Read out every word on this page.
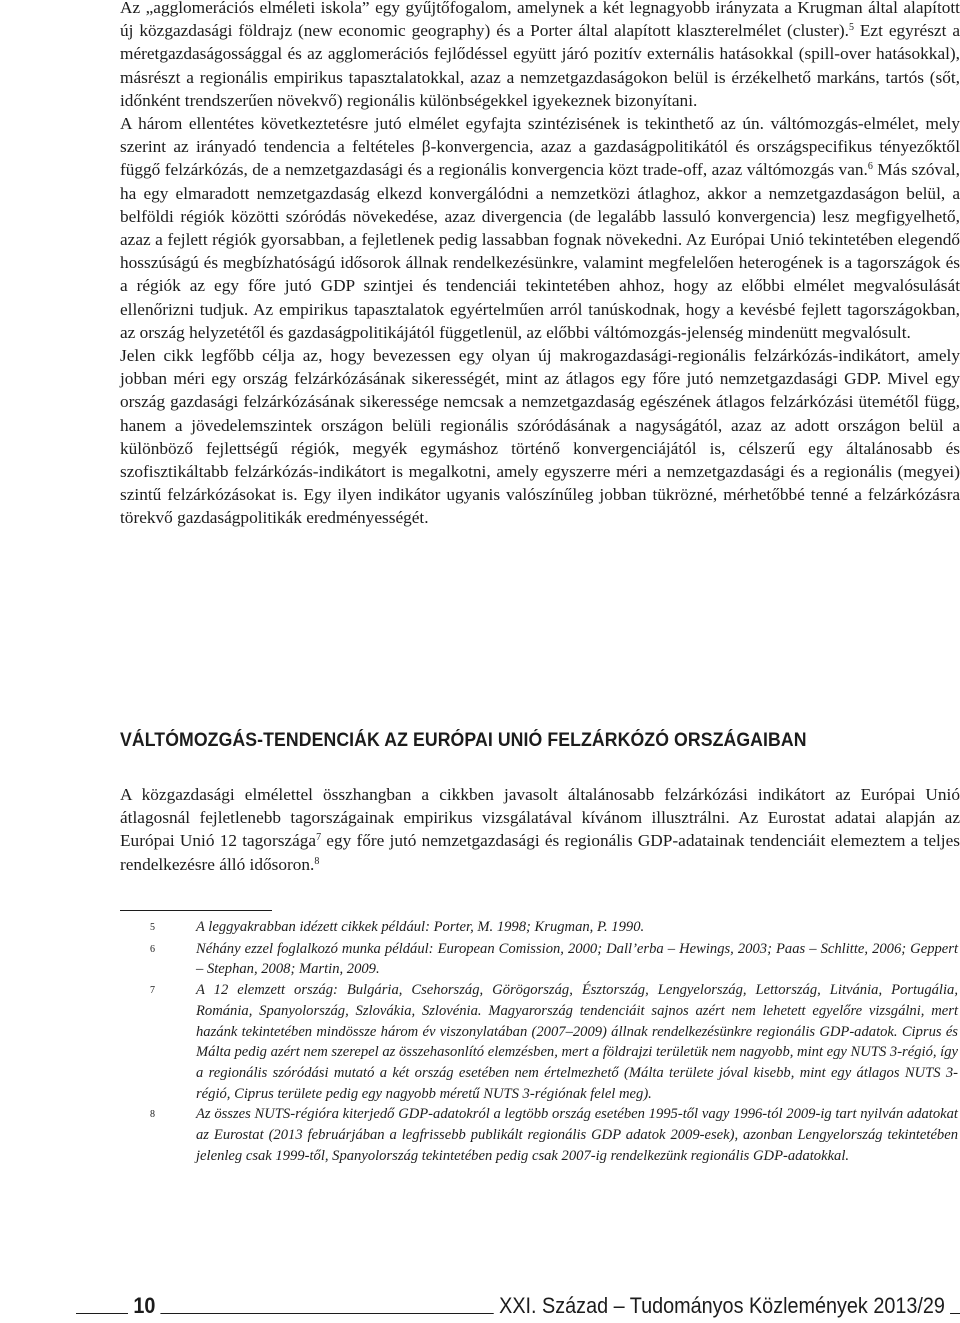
Az „agglomerációs elméleti iskola” egy gyűjtőfogalom, amelynek a két legnagyobb irányzata a Krugman által alapított új közgazdasági földrajz (new economic geography) és a Porter által alapított klaszterelmélet (cluster).$^5$ Ezt egyrészt a méretgazdaságossággal és az agglomerációs fejlődéssel együtt járó pozitív externális hatásokkal (spill-over hatásokkal), másrészt a regionális empirikus tapasztalatokkal, azaz a nemzetgazdaságokon belül is érzékelhető markáns, tartós (sőt, időnként trendszerűen növekvő) regionális különbségekkel igyekeznek bizonyítani.

A három ellentétes következtetésre jutó elmélet egyfajta szintézisének is tekinthető az ún. váltómozgás-elmélet, mely szerint az irányadó tendencia a feltételes β-konvergencia, azaz a gazdaságpolitikától és országspecifikus tényezőktől függő felzárkózás, de a nemzetgazdasági és a regionális konvergencia közt trade-off, azaz váltómozgás van.$^6$ Más szóval, ha egy elmaradott nemzetgazdaság elkezd konvergálódni a nemzetközi átlaghoz, akkor a nemzetgazdaságon belül, a belföldi régiók közötti szóródás növekedése, azaz divergencia (de legalább lassuló konvergencia) lesz megfigyelhető, azaz a fejlett régiók gyorsabban, a fejletlenek pedig lassabban fognak növekedni. Az Európai Unió tekintetében elegendő hosszúságú és megbízhatóságú idősorok állnak rendelkezésünkre, valamint megfelelően heterogének is a tagországok és a régiók az egy főre jutó GDP szintjei és tendenciái tekintetében ahhoz, hogy az előbbi elmélet megvalósulását ellenőrizni tudjuk. Az empirikus tapasztalatok egyértelműen arról tanúskodnak, hogy a kevésbé fejlett tagországokban, az ország helyzetétől és gazdaságpolitikájától függetlenül, az előbbi váltómozgás-jelenség mindenütt megvalósult.

Jelen cikk legfőbb célja az, hogy bevezessen egy olyan új makrogazdasági-regionális felzárkózás-indikátort, amely jobban méri egy ország felzárkózásának sikerességét, mint az átlagos egy főre jutó nemzetgazdasági GDP. Mivel egy ország gazdasági felzárkózásának sikeressége nemcsak a nemzetgazdaság egészének átlagos felzárkózási ütemétől függ, hanem a jövedelemszintek országon belüli regionális szóródásának a nagyságától, azaz az adott országon belül a különböző fejlettségű régiók, megyék egymáshoz történő konvergenciájától is, célszerű egy általánosabb és szofisztikáltabb felzárkózás-indikátort is megalkotni, amely egyszerre méri a nemzetgazdasági és a regionális (megyei) szintű felzárkózásokat is. Egy ilyen indikátor ugyanis valószínűleg jobban tükrözné, mérhetőbbé tenné a felzárkózásra törekvő gazdaságpolitikák eredményességét.

VÁLTÓMOZGÁS-TENDENCIÁK AZ EURÓPAI UNIÓ FELZÁRKÓZÓ ORSZÁGAIBAN

A közgazdasági elmélettel összhangban a cikkben javasolt általánosabb felzárkózási indikátort az Európai Unió átlagosnál fejletlenebb tagországainak empirikus vizsgálatával kívánom illusztrálni. Az Eurostat adatai alapján az Európai Unió 12 tagországa$^7$ egy főre jutó nemzetgazdasági és regionális GDP-adatainak tendenciáit elemeztem a teljes rendelkezésre álló idősoron.$^8$

5	A leggyakrabban idézett cikkek például: Porter, M. 1998; Krugman, P. 1990.
6	Néhány ezzel foglalkozó munka például: European Comission, 2000; Dall’erba – Hewings, 2003; Paas – Schlitte, 2006; Geppert – Stephan, 2008; Martin, 2009.
7	A 12 elemzett ország: Bulgária, Csehország, Görögország, Észtország, Lengyelország, Lettország, Litvánia, Portugália, Románia, Spanyolország, Szlovákia, Szlovénia. Magyarország tendenciáit sajnos azért nem lehetett egyelőre vizsgálni, mert hazánk tekintetében mindössze három év viszonylatában (2007–2009) állnak rendelkezésünkre regionális GDP-adatok. Ciprus és Málta pedig azért nem szerepel az összehasonlító elemzésben, mert a földrajzi területük nem nagyobb, mint egy NUTS 3-régió, így a regionális szóródási mutató a két ország esetében nem értelmezhető (Málta területe jóval kisebb, mint egy átlagos NUTS 3-régió, Ciprus területe pedig egy nagyobb méretű NUTS 3-régiónak felel meg).
8	Az összes NUTS-régióra kiterjedő GDP-adatokról a legtöbb ország esetében 1995-től vagy 1996-tól 2009-ig tart nyilván adatokat az Eurostat (2013 februárjában a legfrissebb publikált regionális GDP adatok 2009-esek), azonban Lengyelország tekintetében jelenleg csak 1999-től, Spanyolország tekintetében pedig csak 2007-ig rendelkezünk regionális GDP-adatokkal.
10	XXI. Század – Tudományos Közlemények 2013/29
